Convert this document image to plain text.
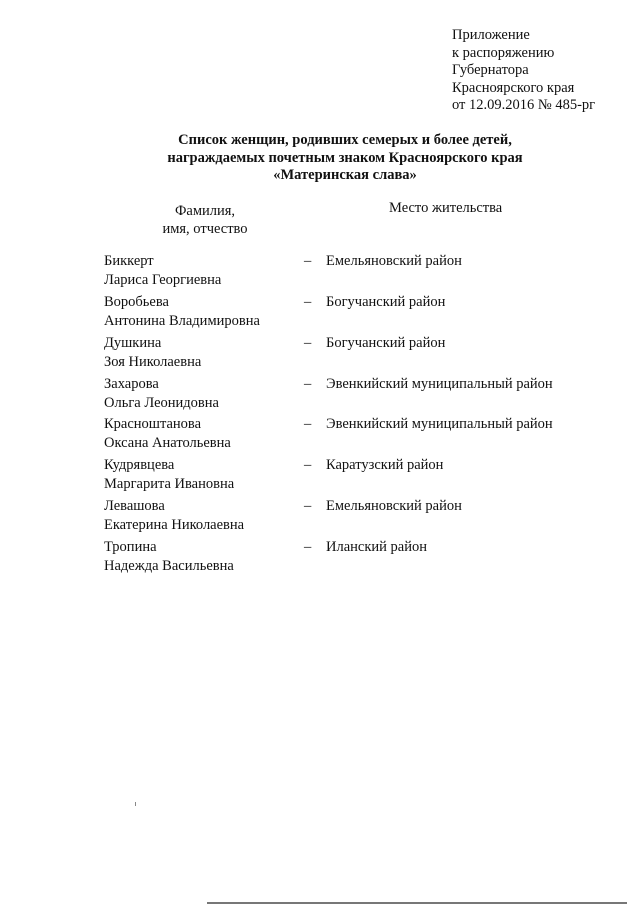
Приложение
к распоряжению
Губернатора
Красноярского края
от 12.09.2016 № 485-рг
Список женщин, родивших семерых и более детей,
награждаемых почетным знаком Красноярского края
«Материнская слава»
Фамилия,
имя, отчество
Место жительства
Биккерт
Лариса Георгиевна
– Емельяновский район
Воробьева
Антонина Владимировна
– Богучанский район
Душкина
Зоя Николаевна
– Богучанский район
Захарова
Ольга Леонидовна
– Эвенкийский муниципальный район
Красноштанова
Оксана Анатольевна
– Эвенкийский муниципальный район
Кудрявцева
Маргарита Ивановна
– Каратузский район
Левашова
Екатерина Николаевна
– Емельяновский район
Тропина
Надежда Васильевна
– Иланский район
